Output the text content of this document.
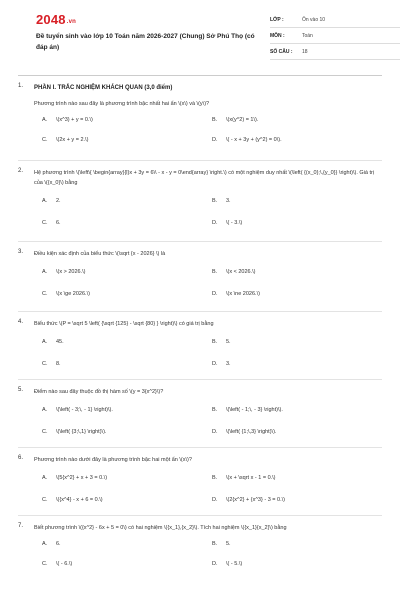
2048.vn
Đề tuyển sinh vào lớp 10 Toán năm 2026-2027 (Chung) Sở Phú Thọ (có đáp án)
LỚP :	Ôn vào 10
MÔN :	Toán
SỐ CÂU :	18
1. PHẦN I. TRẮC NGHIỆM KHÁCH QUAN (3,0 điểm)
Phương trình nào sau đây là phương trình bậc nhất hai ẩn \(x\) và \(y\)?
A.	\(x^3) + y = 0.\)	B.	\(x(y^2) = 1\).
C.	\(2x + y = 2.\)	D.	\( - x + 3y + (y^2) = 0\).
2. Hệ phương trình \(\left\{ \begin{array}{l}x + 3y = 6\\ - x - y = 0\end{array} \right.\) có một nghiệm duy nhất \(\left( {(x_0};\,{y_0}} \right)\). Giá trị của \({x_0}\) bằng
A.	2.	B.	3.
C.	6.	D.	\( - 3.\)
3. Điều kiện xác định của biểu thức \(\sqrt {x - 2026} \) là
A.	\(x > 2026.\)	B.	\(x < 2026.\)
C.	\(x \ge 2026.\)	D.	\(x \ne 2026.\)
4. Biểu thức \(P = \sqrt 5 \left( {\sqrt {125} - \sqrt {80} } \right)\) có giá trị bằng
A.	45.	B.	5.
C.	8.	D.	3.
5. Điểm nào sau đây thuộc đồ thị hàm số \(y = 3{x^2}\)?
A.	\(\left( - 3;\, - 1} \right)\).	B.	\(\left( - 1;\, - 3} \right)\).
C.	\(\left( {3;\,1} \right)\).	D.	\(\left( {1;\,3} \right)\).
6. Phương trình nào dưới đây là phương trình bậc hai một ẩn \(x\)?
A.	\(5{x^2} + x + 3 = 0.\)	B.	\(x + \sqrt x - 1 = 0.\)
C.	\({x^4} - x + 6 = 0.\)	D.	\(2{x^2} + {x^3} - 3 = 0.\)
7. Biết phương trình \({x^2} - 6x + 5 = 0\) có hai nghiệm \({x_1},{x_2}\). Tích hai nghiệm \({x_1}{x_2}\) bằng
A.	6.	B.	5.
C.	\( - 6.\)	D.	\( - 5.\)
